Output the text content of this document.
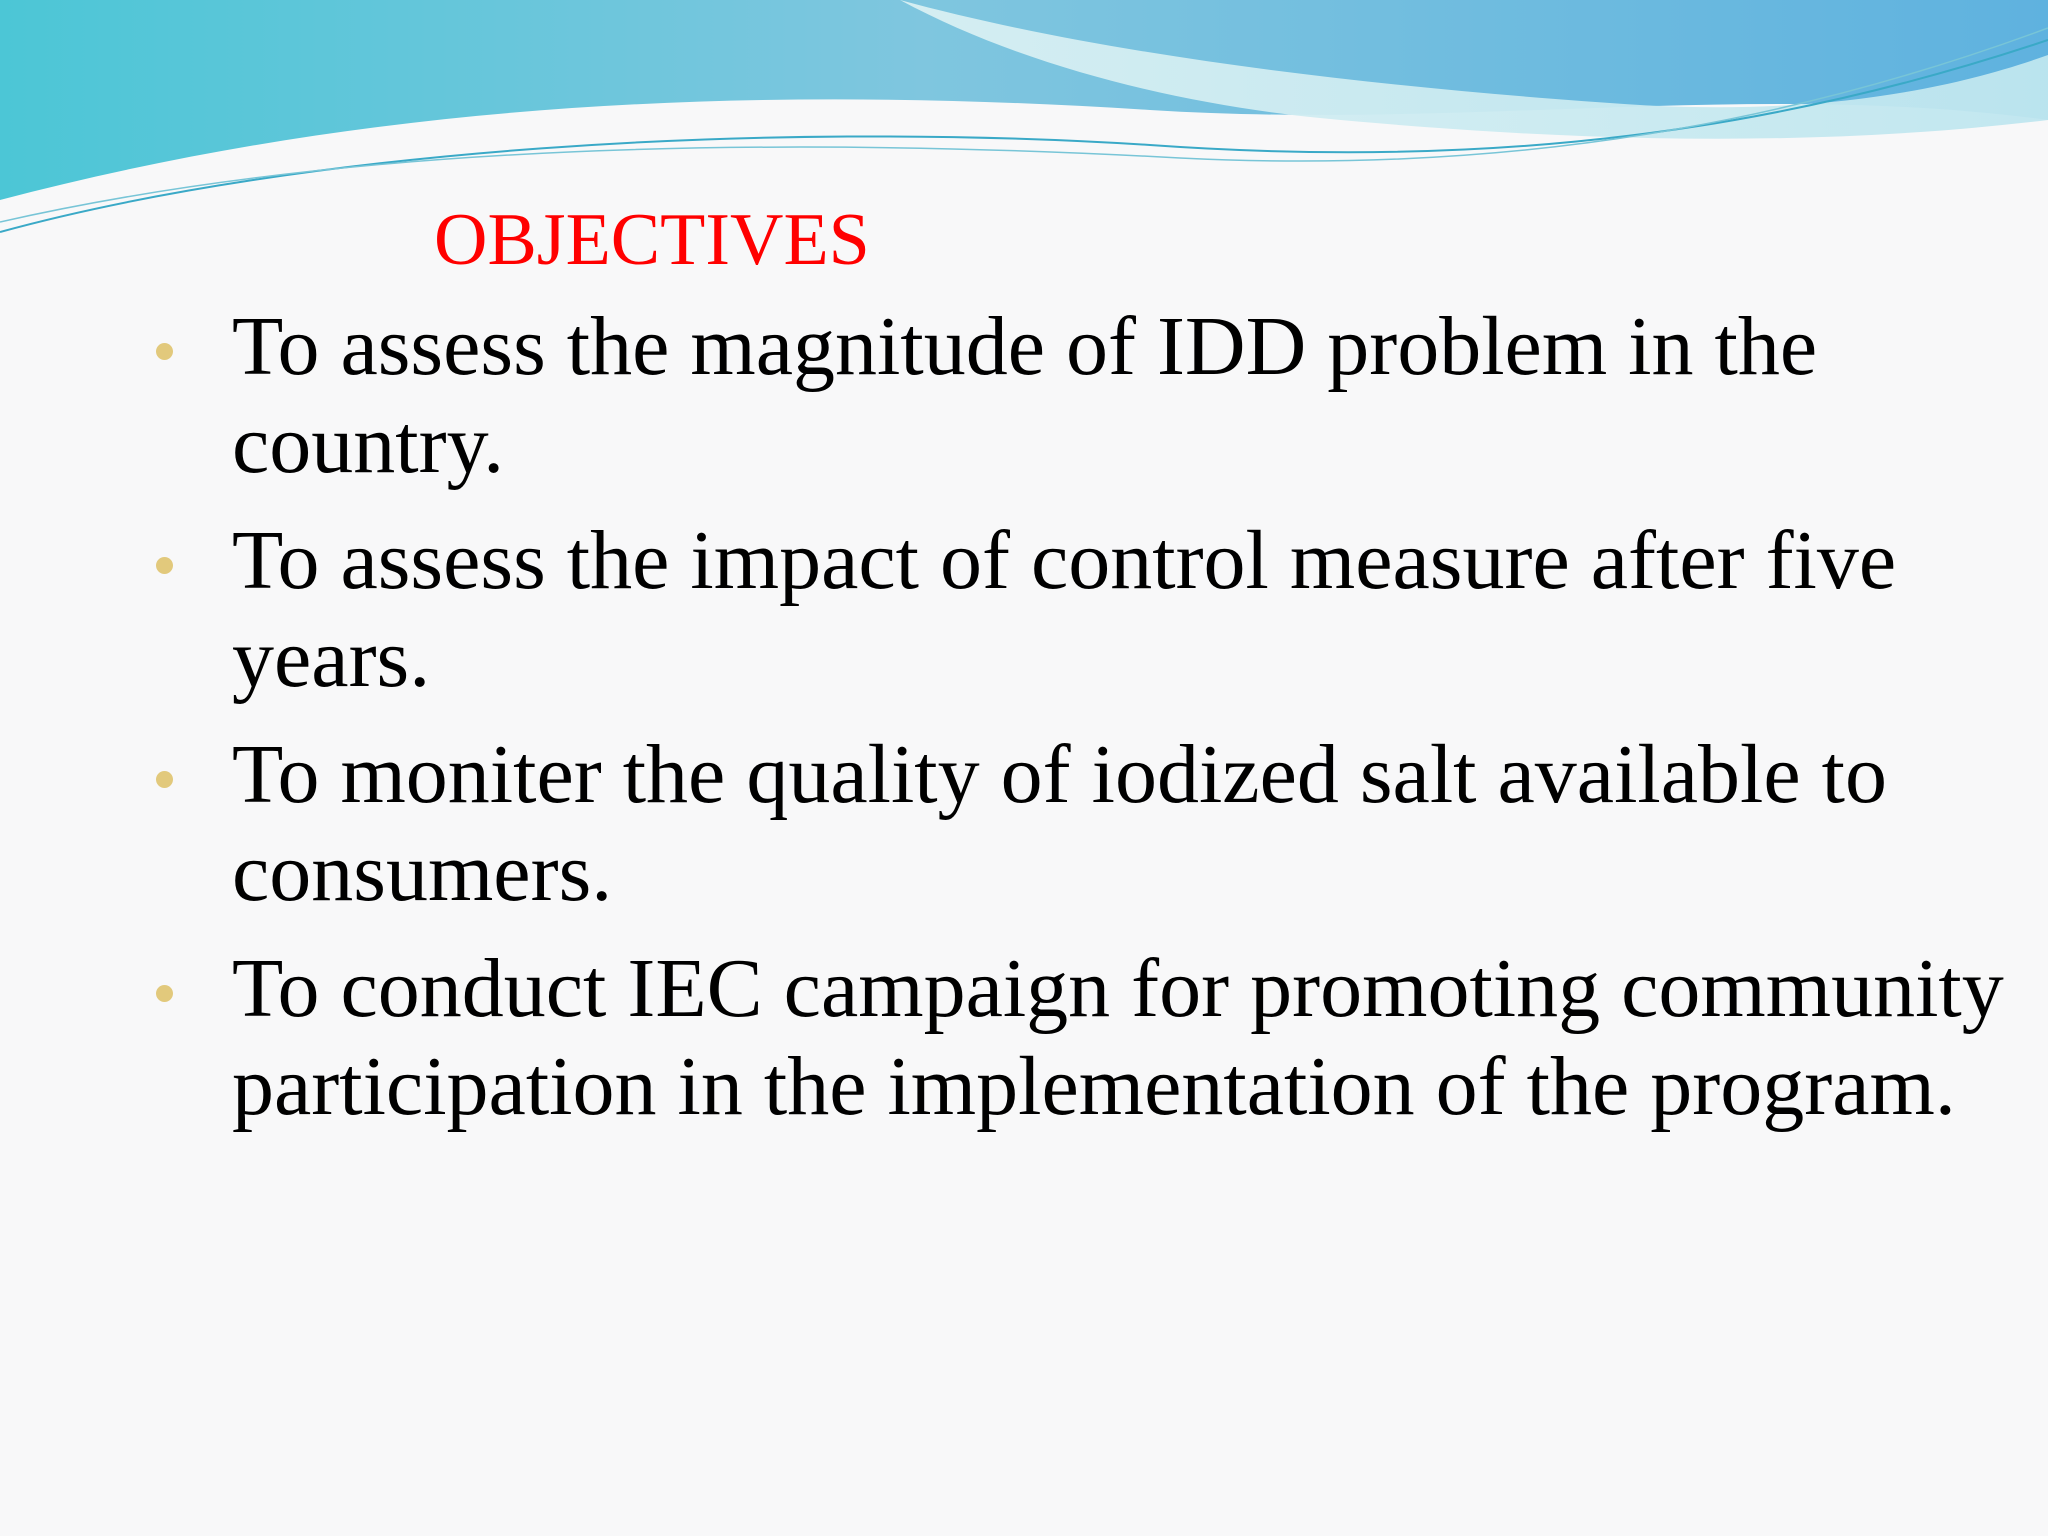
OBJECTIVES
To assess the magnitude of IDD problem in the country.
To assess the impact of control measure after five years.
To moniter the quality of iodized salt available to consumers.
To conduct IEC campaign for promoting community participation in the implementation of the program.
